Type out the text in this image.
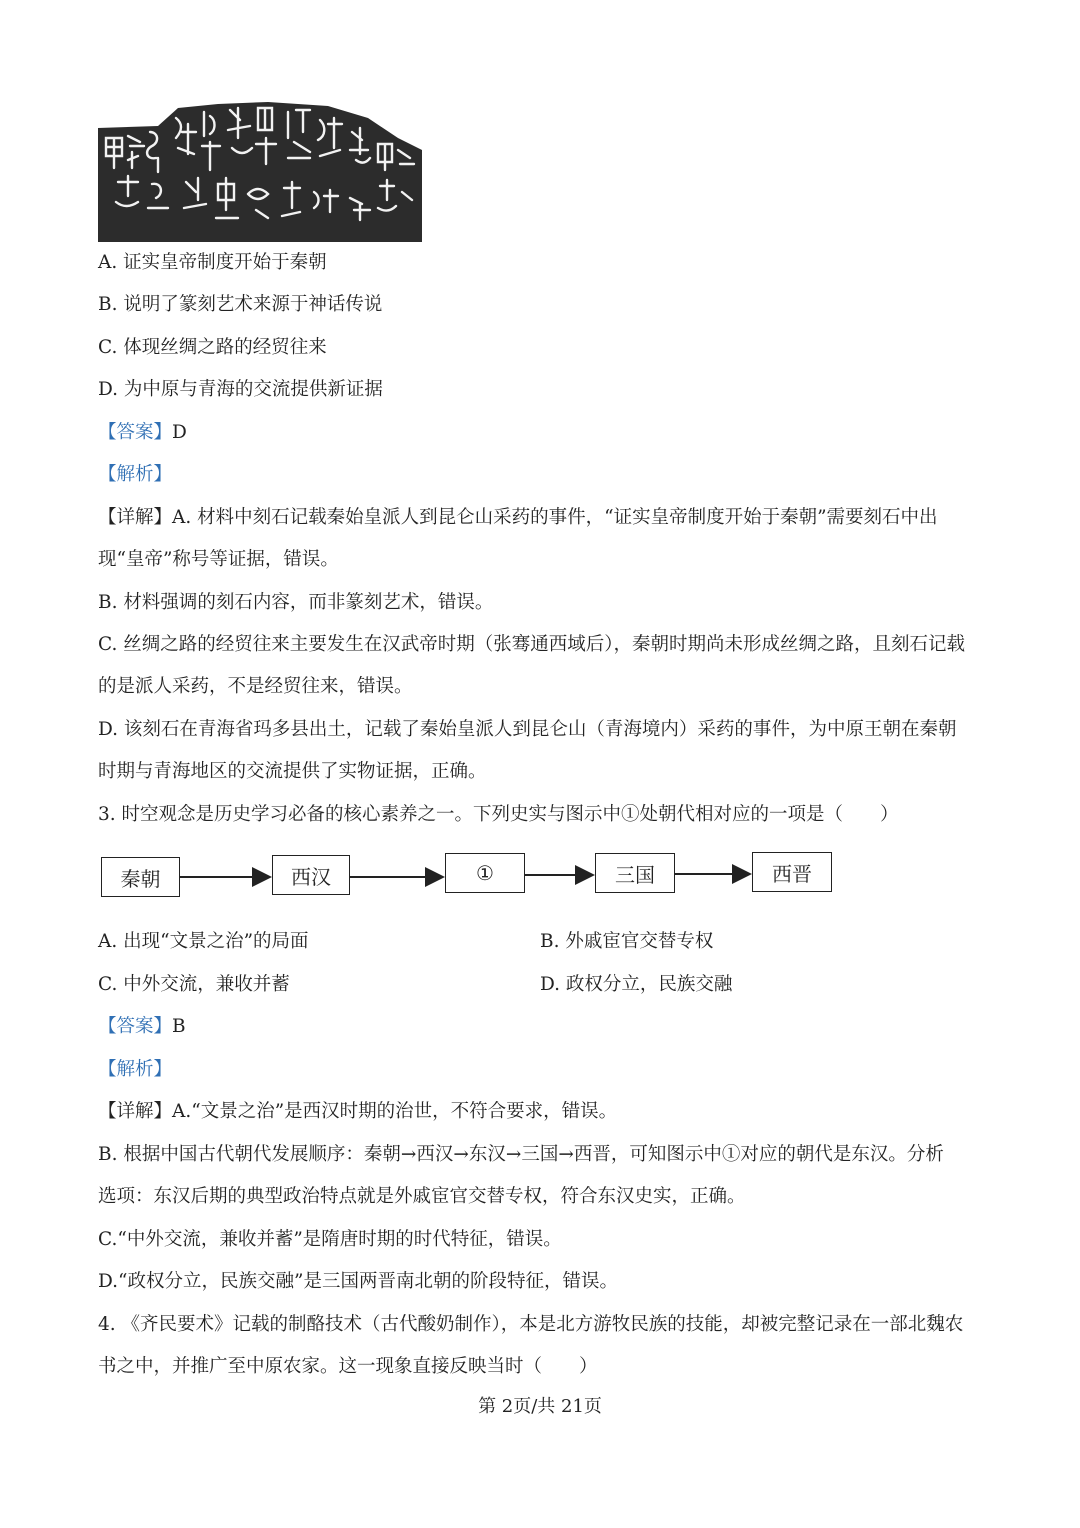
A. 证实皇帝制度开始于秦朝
B. 说明了篆刻艺术来源于神话传说
C. 体现丝绸之路的经贸往来
D. 为中原与青海的交流提供新证据
【答案】D
【解析】
【详解】A. 材料中刻石记载秦始皇派人到昆仑山采药的事件，“证实皇帝制度开始于秦朝”需要刻石中出
现“皇帝”称号等证据，错误。
B. 材料强调的刻石内容，而非篆刻艺术，错误。
C. 丝绸之路的经贸往来主要发生在汉武帝时期（张骞通西域后），秦朝时期尚未形成丝绸之路，且刻石记载
的是派人采药，不是经贸往来，错误。
D. 该刻石在青海省玛多县出土，记载了秦始皇派人到昆仑山（青海境内）采药的事件，为中原王朝在秦朝
时期与青海地区的交流提供了实物证据，正确。
3. 时空观念是历史学习必备的核心素养之一。下列史实与图示中①处朝代相对应的一项是（　　）
秦朝	西汉	①	三国	西晋
A. 出现“文景之治”的局面	B. 外戚宦官交替专权
C. 中外交流，兼收并蓄	D. 政权分立，民族交融
【答案】B
【解析】
【详解】A.“文景之治”是西汉时期的治世，不符合要求，错误。
B. 根据中国古代朝代发展顺序：秦朝→西汉→东汉→三国→西晋，可知图示中①对应的朝代是东汉。分析
选项：东汉后期的典型政治特点就是外戚宦官交替专权，符合东汉史实，正确。
C.“中外交流，兼收并蓄”是隋唐时期的时代特征，错误。
D.“政权分立，民族交融”是三国两晋南北朝的阶段特征，错误。
4. 《齐民要术》记载的制酪技术（古代酸奶制作），本是北方游牧民族的技能，却被完整记录在一部北魏农
书之中，并推广至中原农家。这一现象直接反映当时（　　）
第 2页/共 21页
